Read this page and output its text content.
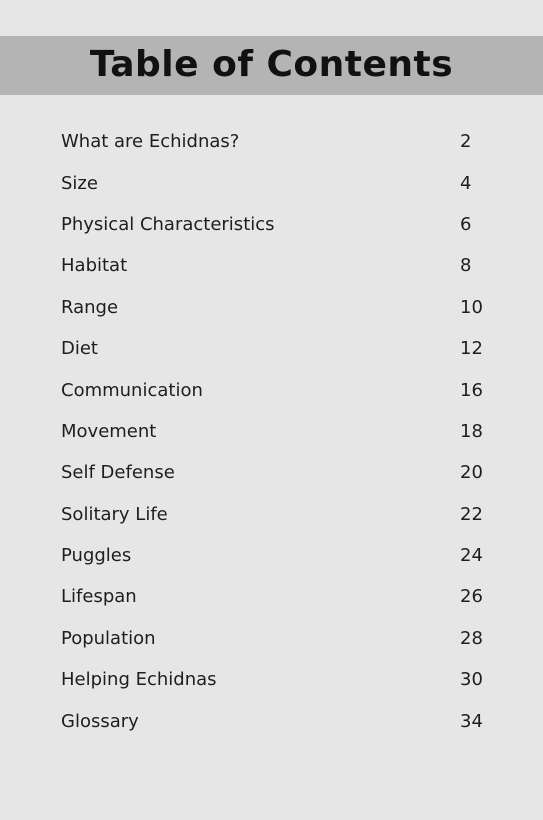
Table of Contents
What are Echidnas?	2
Size	4
Physical Characteristics	6
Habitat	8
Range	10
Diet	12
Communication	16
Movement	18
Self Defense	20
Solitary Life	22
Puggles	24
Lifespan	26
Population	28
Helping Echidnas	30
Glossary	34
